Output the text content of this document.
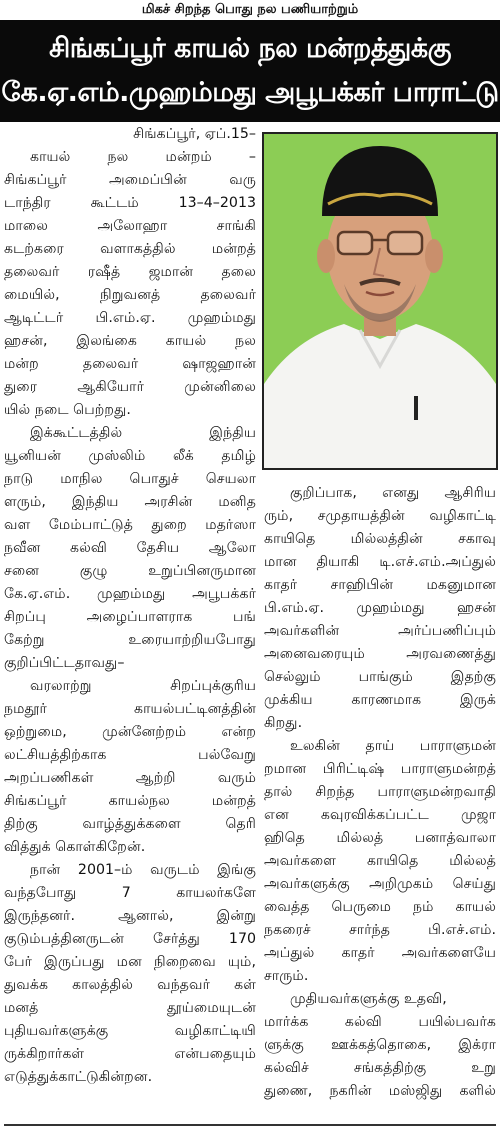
மிகச் சிறந்த பொது நல பணியாற்றும்
சிங்கப்பூர் காயல் நல மன்றத்துக்கு
கே.ஏ.எம்.முஹம்மது அபூபக்கர் பாராட்டு
சிங்கப்பூர், ஏப்.15–
காயல் நல மன்றம் –
சிங்கப்பூர் அமைப்பின் வரு
டாந்திர கூட்டம் 13–4–2013
மாலை அலோஹா சாங்கி
கடற்கரை வளாகத்தில் மன்றத்
தலைவர் ரஷீத் ஜமான் தலை
மையில், நிறுவனத் தலைவர்
ஆடிட்டர் பி.எம்.ஏ. முஹம்மது
ஹசன், இலங்கை காயல் நல
மன்ற தலைவர் ஷாஜஹான்
துரை ஆகியோர் முன்னிலை
யில் நடை பெற்றது.
இக்கூட்டத்தில் இந்திய
யூனியன் முஸ்லிம் லீக் தமிழ்
நாடு மாநில பொதுச் செயலா
ளரும், இந்திய அரசின் மனித
வள மேம்பாட்டுத் துறை மதர்ஸா
நவீன கல்வி தேசிய ஆலோ
சனை குழு உறுப்பினருமான
கே.ஏ.எம். முஹம்மது அபூபக்கர்
சிறப்பு அழைப்பாளராக பங்
கேற்று உரையாற்றியபோது
குறிப்பிட்டதாவது–
வரலாற்று சிறப்புக்குரிய
நமதூர் காயல்பட்டினத்தின்
ஒற்றுமை, முன்னேற்றம் என்ற
லட்சியத்திற்காக பல்வேறு
அறப்பணிகள் ஆற்றி வரும்
சிங்கப்பூர் காயல்நல மன்றத்
திற்கு வாழ்த்துக்களை தெரி
வித்துக் கொள்கிறேன்.
நான் 2001–ம் வருடம் இங்கு
வந்தபோது 7 காயலர்களே
இருந்தனர். ஆனால், இன்று
குடும்பத்தினருடன் சேர்த்து 170
பேர் இருப்பது மன நிறைவை யும்,
துவக்க காலத்தில் வந்தவர் கள்
மனத் தூய்மையுடன்
புதியவர்களுக்கு வழிகாட்டியி
ருக்கிறார்கள் என்பதையும்
எடுத்துக்காட்டுகின்றன.
குறிப்பாக, எனது ஆசிரிய
ரும், சமுதாயத்தின் வழிகாட்டி
காயிதெ மில்லத்தின் சகாவு
மான தியாகி டி.எச்.எம்.அப்துல்
காதர் சாஹிபின் மகனுமான
பி.எம்.ஏ. முஹம்மது ஹசன்
அவர்களின் அர்ப்பணிப்பும்
அனைவரையும் அரவணைத்து
செல்லும் பாங்கும் இதற்கு
முக்கிய காரணமாக இருக்
கிறது.
உலகின் தாய் பாராளுமன்
றமான பிரிட்டிஷ் பாராளுமன்றத்
தால் சிறந்த பாராளுமன்றவாதி
என கவுரவிக்கப்பட்ட முஜா
ஹிதெ மில்லத் பனாத்வாலா
அவர்களை காயிதெ மில்லத்
அவர்களுக்கு அறிமுகம் செய்து
வைத்த பெருமை நம் காயல்
நகரைச் சார்ந்த பி.எச்.எம்.
அப்துல் காதர் அவர்களையே
சாரும்.
முதியவர்களுக்கு உதவி,
மார்க்க கல்வி பயில்பவர்க
ளுக்கு ஊக்கத்தொகை, இக்ரா
கல்விச் சங்கத்திற்கு உறு
துணை, நகரின் மஸ்ஜிது களில்
